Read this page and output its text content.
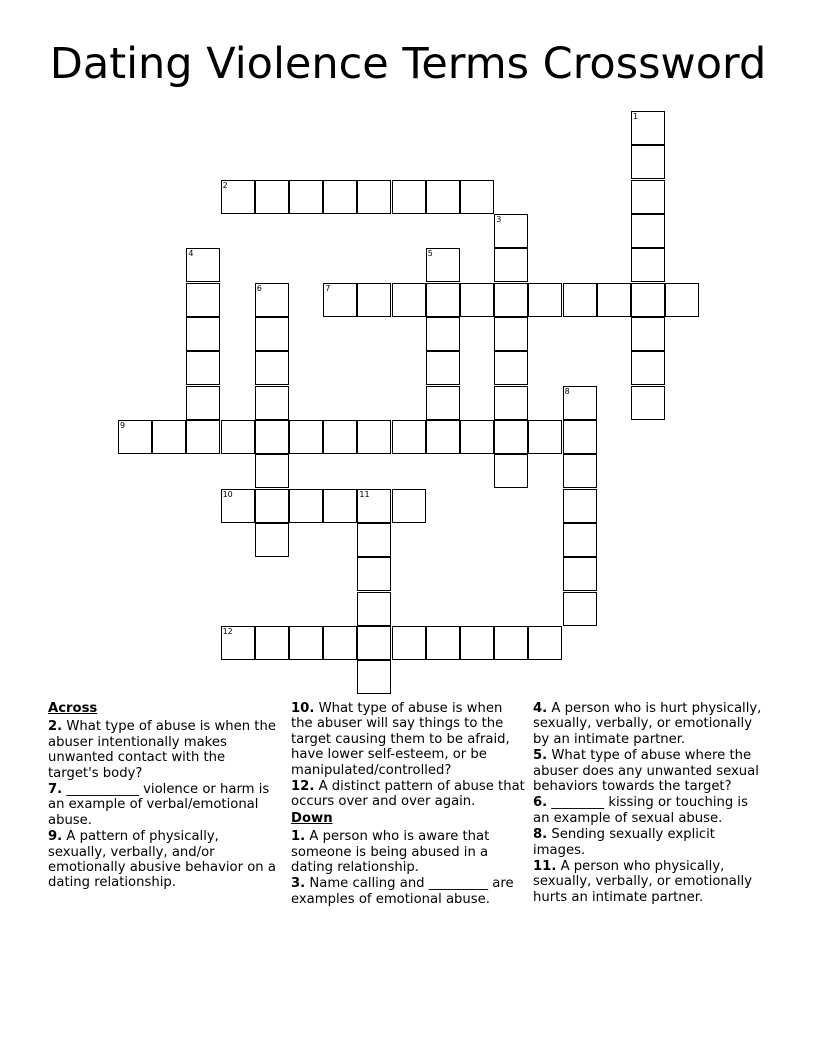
Dating Violence Terms Crossword
1
2
3
4	5
6	7
8
9
10	11
12
Across
2. What type of abuse is when the abuser intentionally makes unwanted contact with the target's body?
7. ___________ violence or harm is an example of verbal/emotional abuse.
9. A pattern of physically, sexually, verbally, and/or emotionally abusive behavior on a dating relationship.
10. What type of abuse is when the abuser will say things to the target causing them to be afraid, have lower self-esteem, or be manipulated/controlled?
12. A distinct pattern of abuse that occurs over and over again.
Down
1. A person who is aware that someone is being abused in a dating relationship.
3. Name calling and _________ are examples of emotional abuse.
4. A person who is hurt physically, sexually, verbally, or emotionally by an intimate partner.
5. What type of abuse where the abuser does any unwanted sexual behaviors towards the target?
6. ________ kissing or touching is an example of sexual abuse.
8. Sending sexually explicit images.
11. A person who physically, sexually, verbally, or emotionally hurts an intimate partner.
